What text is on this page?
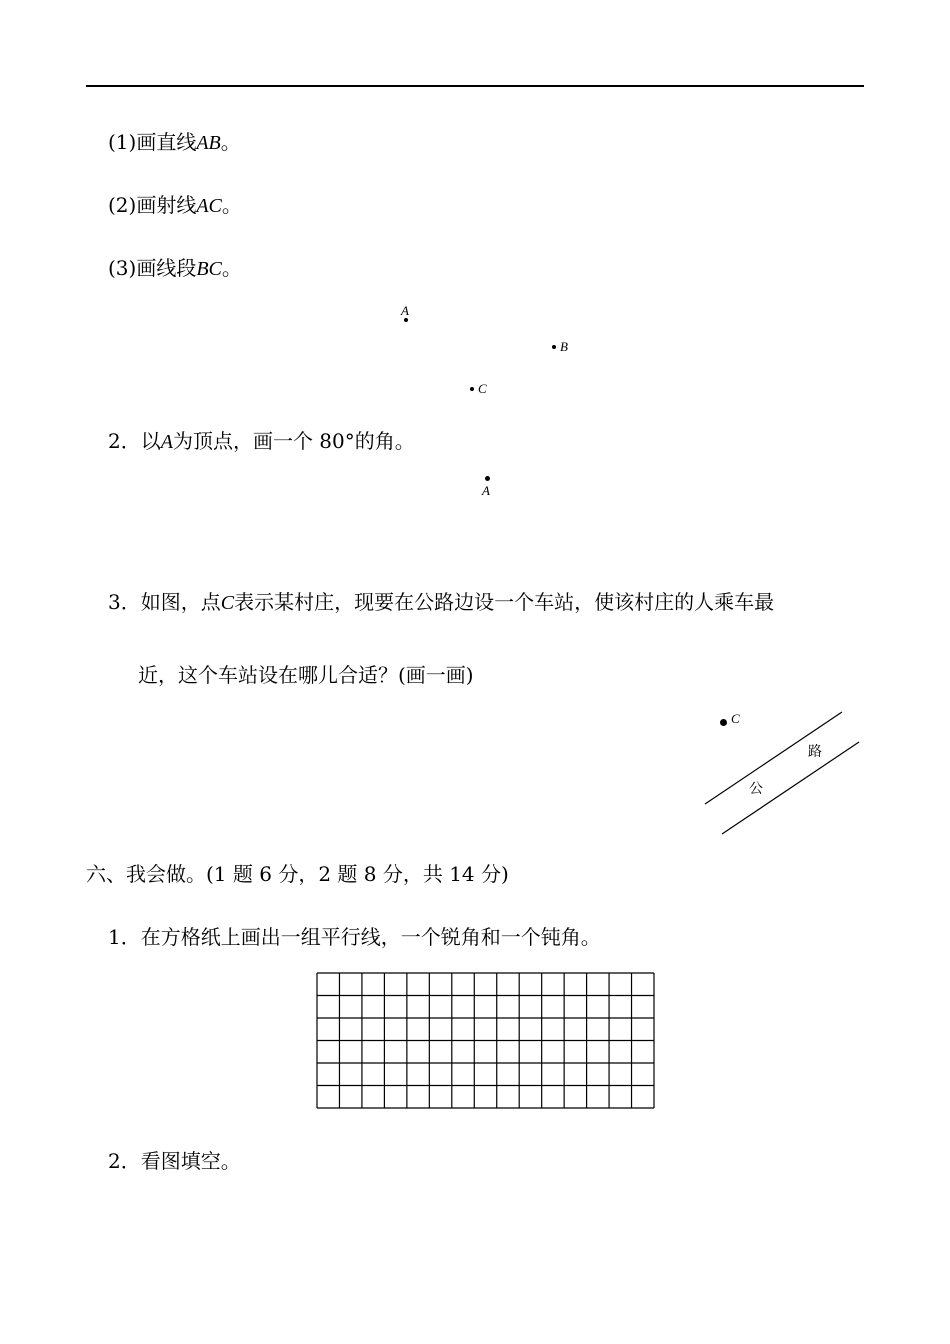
(1)画直线AB。
(2)画射线AC。
(3)画线段BC。
A
B
C
2．以A为顶点，画一个 80°的角。
A
3．如图，点C表示某村庄，现要在公路边设一个车站，使该村庄的人乘车最
近，这个车站设在哪儿合适？(画一画)
C
公
路
六、我会做。(1 题 6 分，2 题 8 分，共 14 分)
1．在方格纸上画出一组平行线，一个锐角和一个钝角。
2．看图填空。
